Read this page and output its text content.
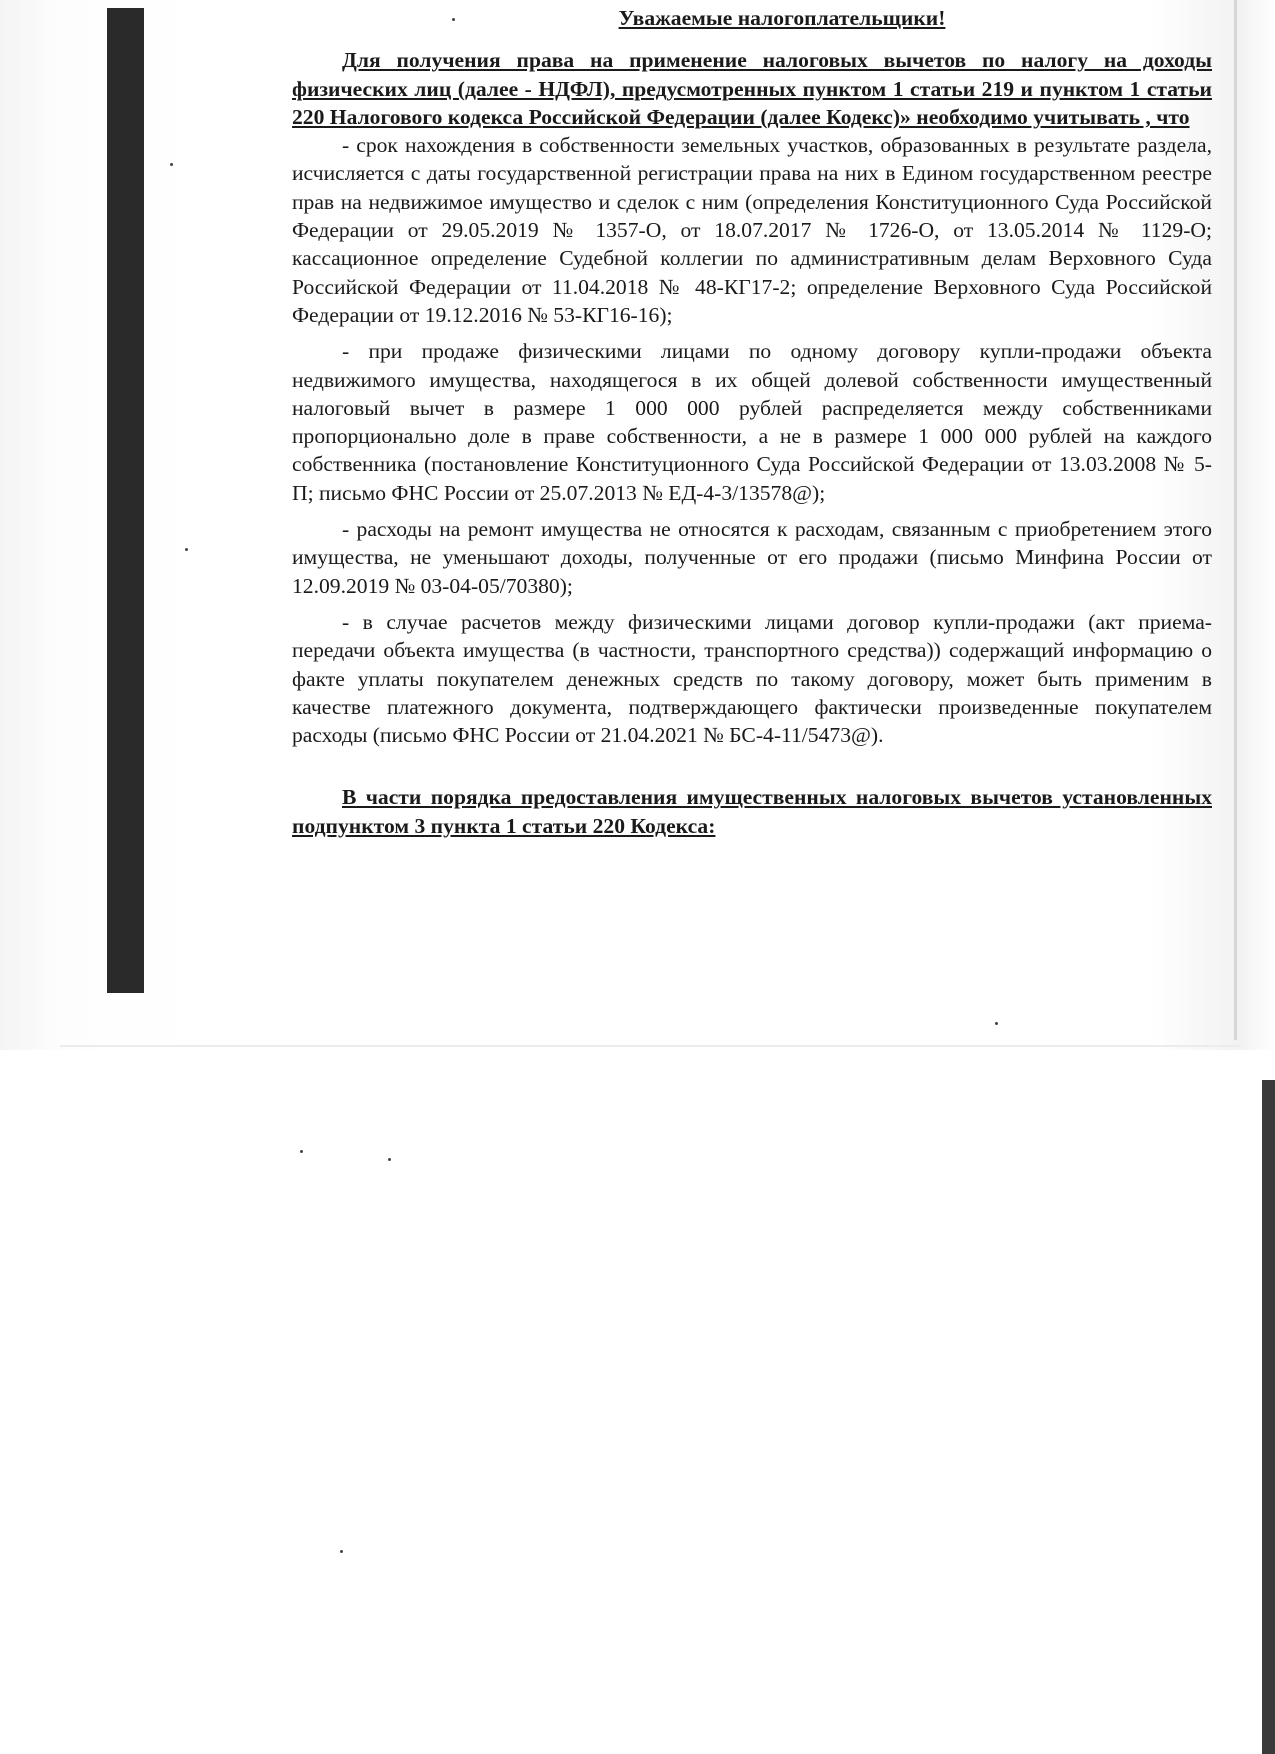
Уважаемые налогоплательщики!

Для получения права на применение налоговых вычетов по налогу на доходы физических лиц (далее - НДФЛ), предусмотренных пунктом 1 статьи 219 и пунктом 1 статьи 220 Налогового кодекса Российской Федерации (далее Кодекс)» необходимо учитывать , что

- срок нахождения в собственности земельных участков, образованных в результате раздела, исчисляется с даты государственной регистрации права на них в Едином государственном реестре прав на недвижимое имущество и сделок с ним (определения Конституционного Суда Российской Федерации от 29.05.2019 № 1357-О, от 18.07.2017 № 1726-О, от 13.05.2014 № 1129-О; кассационное определение Судебной коллегии по административным делам Верховного Суда Российской Федерации от 11.04.2018 № 48-КГ17-2; определение Верховного Суда Российской Федерации от 19.12.2016 № 53-КГ16-16);

- при продаже физическими лицами по одному договору купли-продажи объекта недвижимого имущества, находящегося в их общей долевой собственности имущественный налоговый вычет в размере 1 000 000 рублей распределяется между собственниками пропорционально доле в праве собственности, а не в размере 1 000 000 рублей на каждого собственника (постановление Конституционного Суда Российской Федерации от 13.03.2008 № 5-П; письмо ФНС России от 25.07.2013 № ЕД-4-3/13578@);

- расходы на ремонт имущества не относятся к расходам, связанным с приобретением этого имущества, не уменьшают доходы, полученные от его продажи (письмо Минфина России от 12.09.2019 № 03-04-05/70380);

- в случае расчетов между физическими лицами договор купли-продажи (акт приема-передачи объекта имущества (в частности, транспортного средства)) содержащий информацию о факте уплаты покупателем денежных средств по такому договору, может быть применим в качестве платежного документа, подтверждающего фактически произведенные покупателем расходы (письмо ФНС России от 21.04.2021 № БС-4-11/5473@).

В части порядка предоставления имущественных налоговых вычетов установленных подпунктом 3 пункта 1 статьи 220 Кодекса:
